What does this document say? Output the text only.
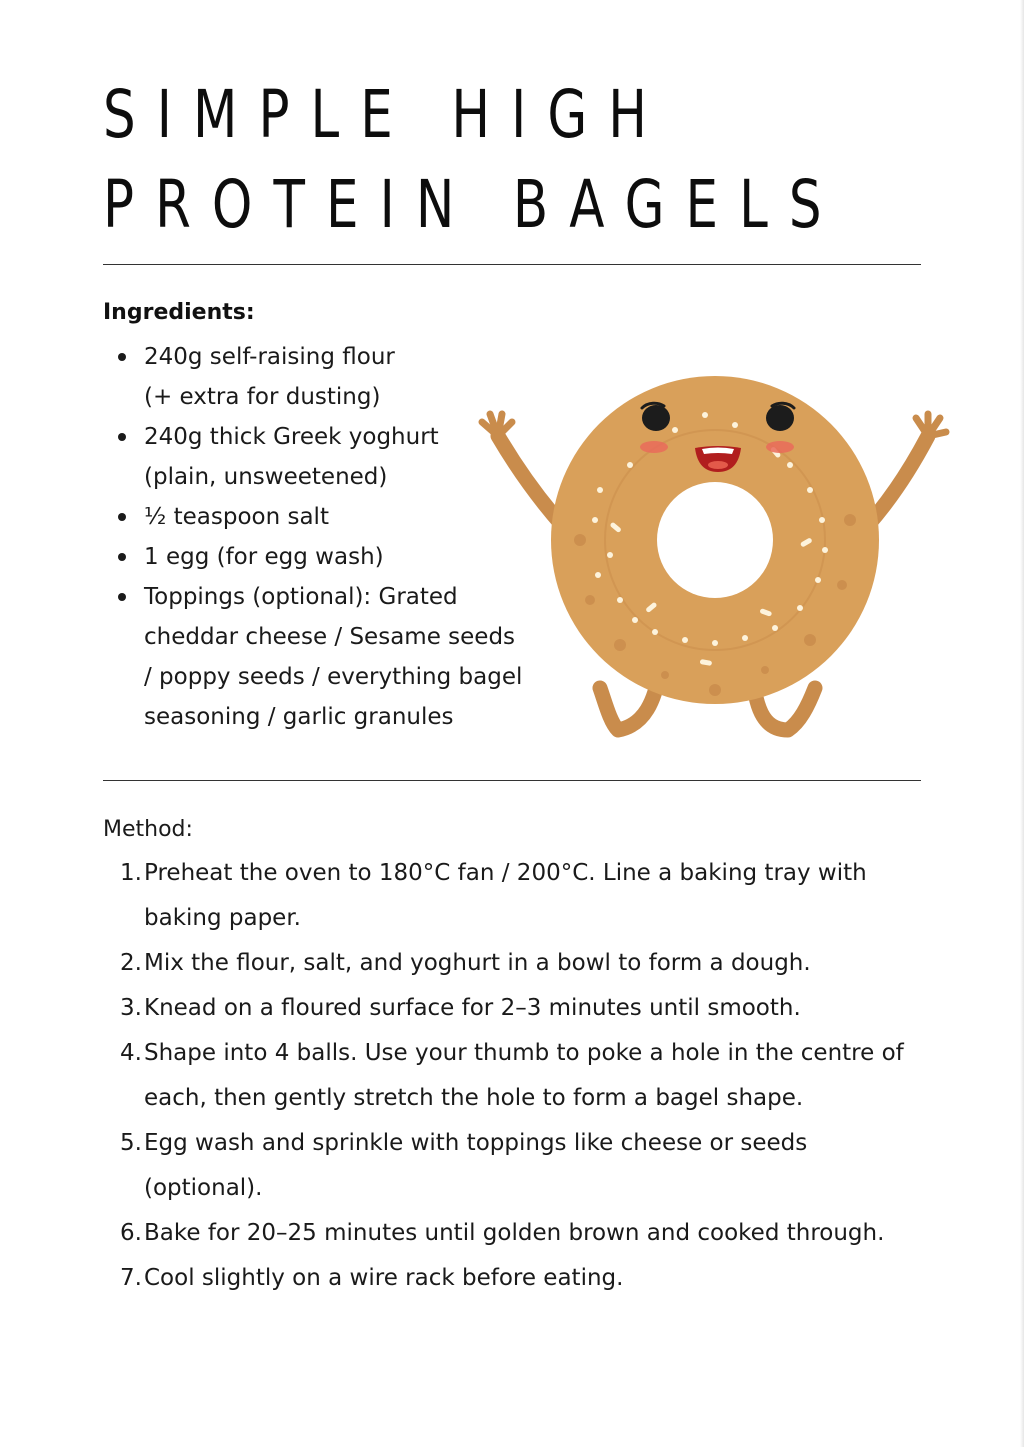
SIMPLE HIGH
PROTEIN BAGELS
Ingredients:
240g self-raising flour
(+ extra for dusting)
240g thick Greek yoghurt
(plain, unsweetened)
½ teaspoon salt
1 egg (for egg wash)
Toppings (optional): Grated
cheddar cheese / Sesame seeds
/ poppy seeds / everything bagel
seasoning / garlic granules
Method:
1. Preheat the oven to 180°C fan / 200°C. Line a baking tray with
baking paper.
2. Mix the flour, salt, and yoghurt in a bowl to form a dough.
3. Knead on a floured surface for 2–3 minutes until smooth.
4. Shape into 4 balls. Use your thumb to poke a hole in the centre of
each, then gently stretch the hole to form a bagel shape.
5. Egg wash and sprinkle with toppings like cheese or seeds
(optional).
6. Bake for 20–25 minutes until golden brown and cooked through.
7. Cool slightly on a wire rack before eating.
